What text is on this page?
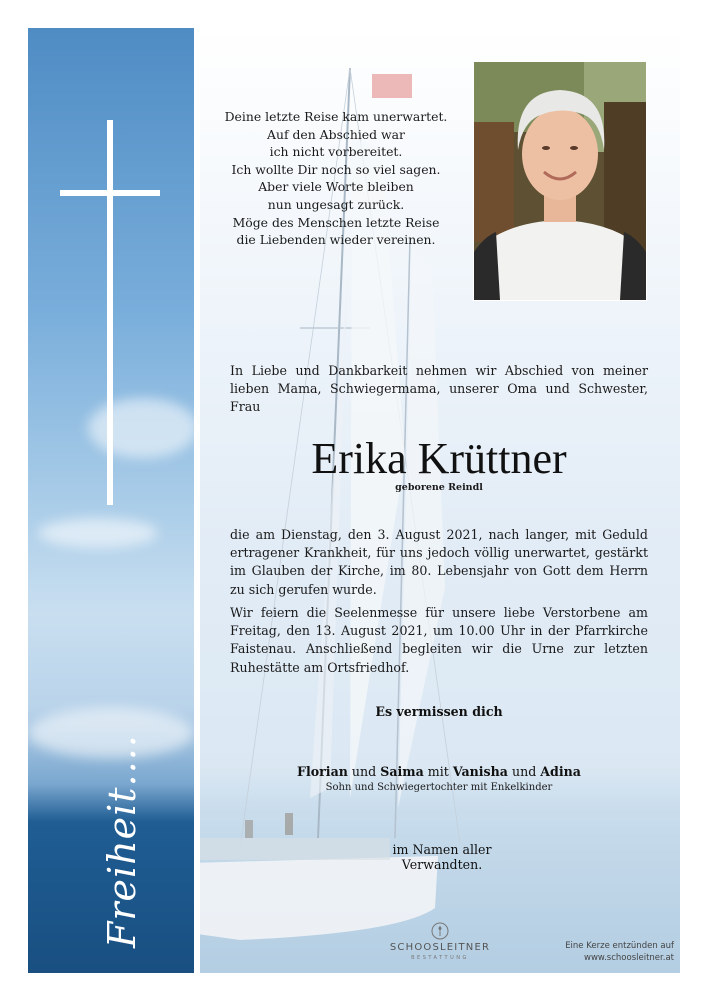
Freiheit....
Deine letzte Reise kam unerwartet.
Auf den Abschied war
ich nicht vorbereitet.
Ich wollte Dir noch so viel sagen.
Aber viele Worte bleiben
nun ungesagt zurück.
Möge des Menschen letzte Reise
die Liebenden wieder vereinen.
In Liebe und Dankbarkeit nehmen wir Abschied von meiner lieben Mama, Schwiegermama, unserer Oma und Schwester, Frau
Erika Krüttner
geborene Reindl
die am Dienstag, den 3. August 2021, nach langer, mit Geduld ertragener Krankheit, für uns jedoch völlig unerwartet, gestärkt im Glauben der Kirche, im 80. Lebensjahr von Gott dem Herrn zu sich gerufen wurde.
Wir feiern die Seelenmesse für unsere liebe Verstorbene am Freitag, den 13. August 2021, um 10.00 Uhr in der Pfarrkirche Faistenau. Anschließend begleiten wir die Urne zur letzten Ruhestätte am Ortsfriedhof.
Es vermissen dich
Florian und Saima mit Vanisha und Adina
Sohn und Schwiegertochter mit Enkelkinder
im Namen aller Verwandten.
SCHOOSLEITNER
BESTATTUNG
Eine Kerze entzünden auf
www.schoosleitner.at
